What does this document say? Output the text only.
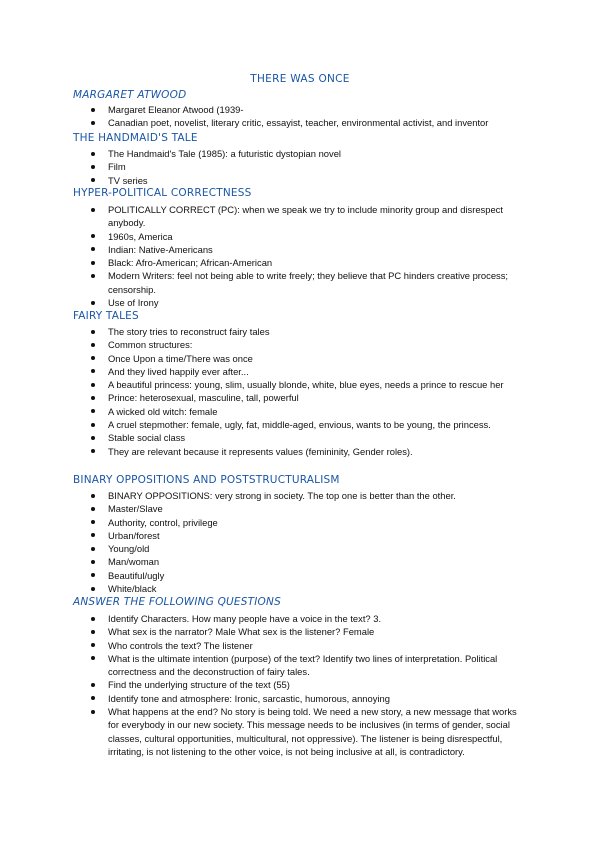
THERE WAS ONCE
MARGARET ATWOOD
Margaret Eleanor Atwood (1939-
Canadian poet, novelist, literary critic, essayist, teacher, environmental activist, and inventor
THE HANDMAID'S TALE
The Handmaid's Tale (1985): a futuristic dystopian novel
Film
TV series
HYPER-POLITICAL CORRECTNESS
POLITICALLY CORRECT (PC): when we speak we try to include minority group and disrespect anybody.
1960s, America
Indian: Native-Americans
Black: Afro-American; African-American
Modern Writers: feel not being able to write freely; they believe that PC hinders creative process; censorship.
Use of Irony
FAIRY TALES
The story tries to reconstruct fairy tales
Common structures:
Once Upon a time/There was once
And they lived happily ever after...
A beautiful princess: young, slim, usually blonde, white, blue eyes, needs a prince to rescue her
Prince: heterosexual, masculine, tall, powerful
A wicked old witch: female
A cruel stepmother: female, ugly, fat, middle-aged, envious, wants to be young, the princess.
Stable social class
They are relevant because it represents values (femininity, Gender roles).
BINARY OPPOSITIONS AND POSTSTRUCTURALISM
BINARY OPPOSITIONS: very strong in society. The top one is better than the other.
Master/Slave
Authority, control, privilege
Urban/forest
Young/old
Man/woman
Beautiful/ugly
White/black
ANSWER THE FOLLOWING QUESTIONS
Identify Characters. How many people have a voice in the text? 3.
What sex is the narrator? Male What sex is the listener? Female
Who controls the text? The listener
What is the ultimate intention (purpose) of the text? Identify two lines of interpretation. Political correctness and the deconstruction of fairy tales.
Find the underlying structure of the text (55)
Identify tone and atmosphere: Ironic, sarcastic, humorous, annoying
What happens at the end? No story is being told. We need a new story, a new message that works for everybody in our new society. This message needs to be inclusives (in terms of gender, social classes, cultural opportunities, multicultural, not oppressive). The listener is being disrespectful, irritating, is not listening to the other voice, is not being inclusive at all, is contradictory.
